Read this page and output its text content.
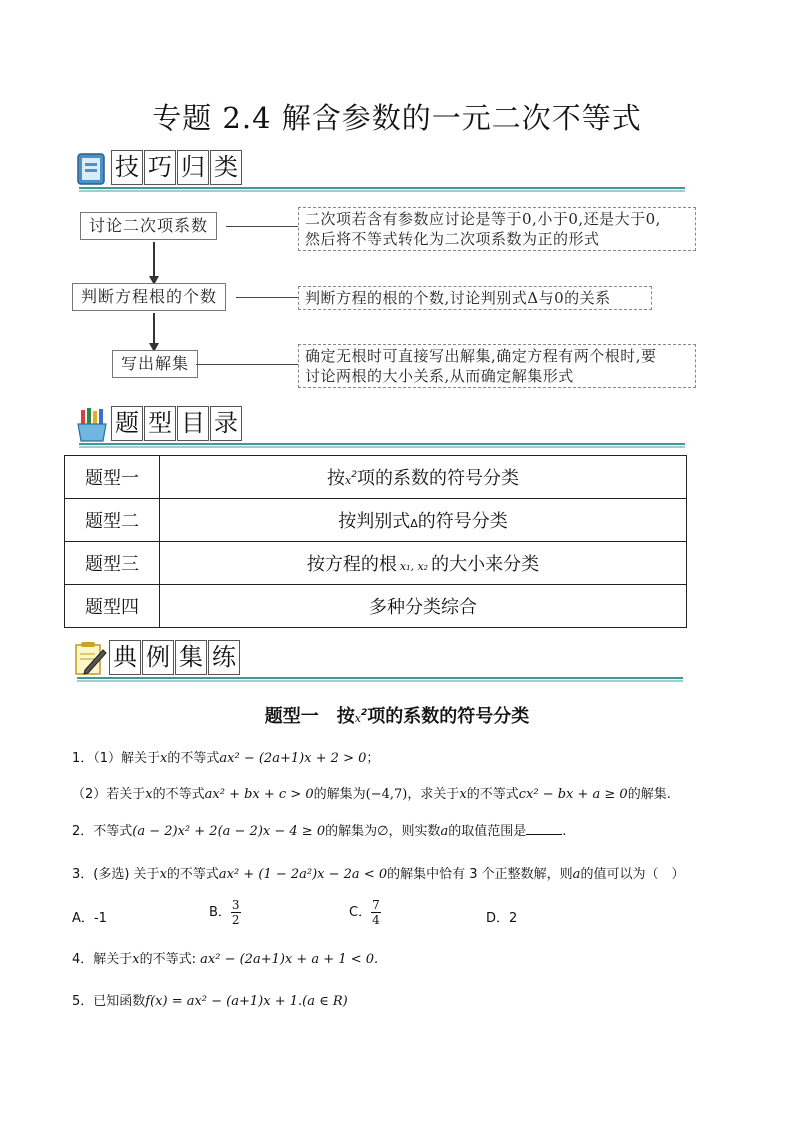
专题 2.4 解含参数的一元二次不等式
技 巧 归 类
讨论二次项系数	二次项若含有参数应讨论是等于0,小于0,还是大于0,
然后将不等式转化为二次项系数为正的形式
判断方程根的个数	判断方程的根的个数,讨论判别式Δ与0的关系
写出解集	确定无根时可直接写出解集,确定方程有两个根时,要
讨论两根的大小关系,从而确定解集形式
题 型 目 录
题型一	按$x^2$项的系数的符号分类
题型二	按判别式Δ的符号分类
题型三	按方程的根 x₁, x₂ 的大小来分类
题型四	多种分类综合
典 例 集 练
题型一　按$x^2$项的系数的符号分类
1．（1）解关于x的不等式ax² − (2a+1)x + 2 > 0；
（2）若关于x的不等式ax² + bx + c > 0的解集为(−4,7)，求关于x的不等式cx² − bx + a ≥ 0的解集.
2．不等式(a − 2)x² + 2(a − 2)x − 4 ≥ 0的解集为∅，则实数a的取值范围是	.
3．(多选) 关于x的不等式ax² + (1 − 2a²)x − 2a < 0的解集中恰有 3 个正整数解，则a的值可以为（　）
A．-1	B． $\frac{3}{2}$	C． $\frac{7}{4}$	D．2
4．解关于x的不等式: ax² − (2a+1)x + a + 1 < 0.
5．已知函数f(x) = ax² − (a+1)x + 1.(a ∈ R)
